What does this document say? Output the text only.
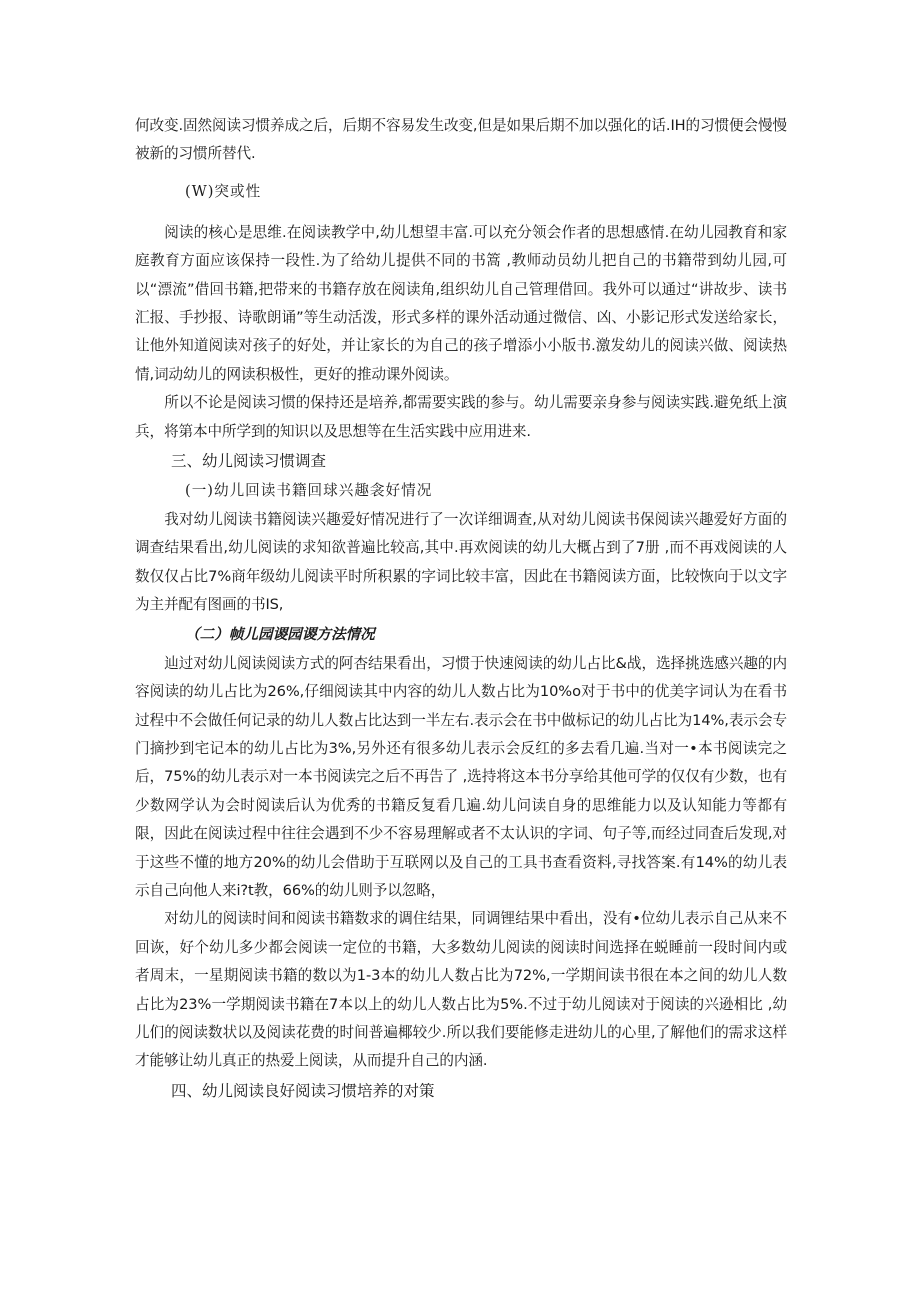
何改变.固然阅读习惯养成之后，后期不容易发生改变,但是如果后期不加以强化的话.IH的习惯便会慢慢被新的习惯所替代.

(W)突或性

阅读的核心是思维.在阅读教学中,幼儿想望丰富.可以充分领会作者的思想感情.在幼儿园教育和家庭教育方面应该保持一段性.为了给幼儿提供不同的书篙 ,教师动员幼儿把自己的书籍带到幼儿园,可以“漂流”借回书籍,把带来的书籍存放在阅读角,组织幼儿自己管理借回。我外可以通过“讲故步、读书汇报、手抄报、诗歌朗诵”等生动活泼，形式多样的课外活动通过微信、凶、小影记形式发送给家长，让他外知道阅读对孩子的好处，并让家长的为自己的孩子增添小小版书.激发幼儿的阅读兴做、阅读热情,词动幼儿的网读积极性，更好的推动课外阅读。

所以不论是阅读习惯的保持还是培养,都需要实践的参与。幼儿需要亲身参与阅读实践.避免纸上演兵，将第本中所学到的知识以及思想等在生活实践中应用进来.

三、幼儿阅读习惯调查

(一)幼儿回读书籍回球兴趣衾好情况

我对幼儿阅读书籍阅读兴趣爱好情况进行了一次详细调查,从对幼儿阅读书保阅读兴趣爱好方面的调查结果看出,幼儿阅读的求知欲普遍比较高,其中.再欢阅读的幼儿大概占到了7册 ,而不再戏阅读的人数仅仅占比7%商年级幼儿阅读平时所积累的字词比较丰富，因此在书籍阅读方面，比较恢向于以文字为主并配有图画的书IS,

（二）帧儿园谡园谡方法情况

辿过对幼儿阅读阅读方式的阿杏结果看出，习惯于快速阅读的幼儿占比&战，选择挑选感兴趣的内容阅读的幼儿占比为26%,仔细阅读其中内容的幼儿人数占比为10%o对于书中的优美字词认为在看书过程中不会做任何记录的幼儿人数占比达到一半左右.表示会在书中做标记的幼儿占比为14%,表示会专门摘抄到宅记本的幼儿占比为3%,另外还有很多幼儿表示会反红的多去看几遍.当对一•本书阅读完之后，75%的幼儿表示对一本书阅读完之后不再告了 ,选持将这本书分享给其他可学的仅仅有少数，也有少数网学认为会时阅读后认为优秀的书籍反复看几遍.幼儿问读自身的思维能力以及认知能力等都有限，因此在阅读过程中往往会遇到不少不容易理解或者不太认识的字词、句子等,而经过同査后发现,对于这些不懂的地方20%的幼儿会借助于互联网以及自己的工具书查看资料,寻找答案.有14%的幼儿表示自己向他人来i?t教，66%的幼儿则予以忽略，

对幼儿的阅读时间和阅读书籍数求的调住结果，同调锂结果中看出，没有•位幼儿表示自己从来不回诙，好个幼儿多少都会阅读一定位的书籍，大多数幼儿阅读的阅读时间选择在蜕睡前一段时间内或者周末，一星期阅读书籍的数以为1-3本的幼儿人数占比为72%,一学期间读书很在本之间的幼儿人数占比为23%一学期阅读书籍在7本以上的幼儿人数占比为5%.不过于幼儿阅读对于阅读的兴逊相比 ,幼儿们的阅读数状以及阅读花费的时间普遍椰较少.所以我们要能修走进幼儿的心里,了解他们的需求这样才能够让幼儿真正的热爱上阅读，从而提升自己的内涵.

四、幼儿阅读良好阅读习惯培养的对策
